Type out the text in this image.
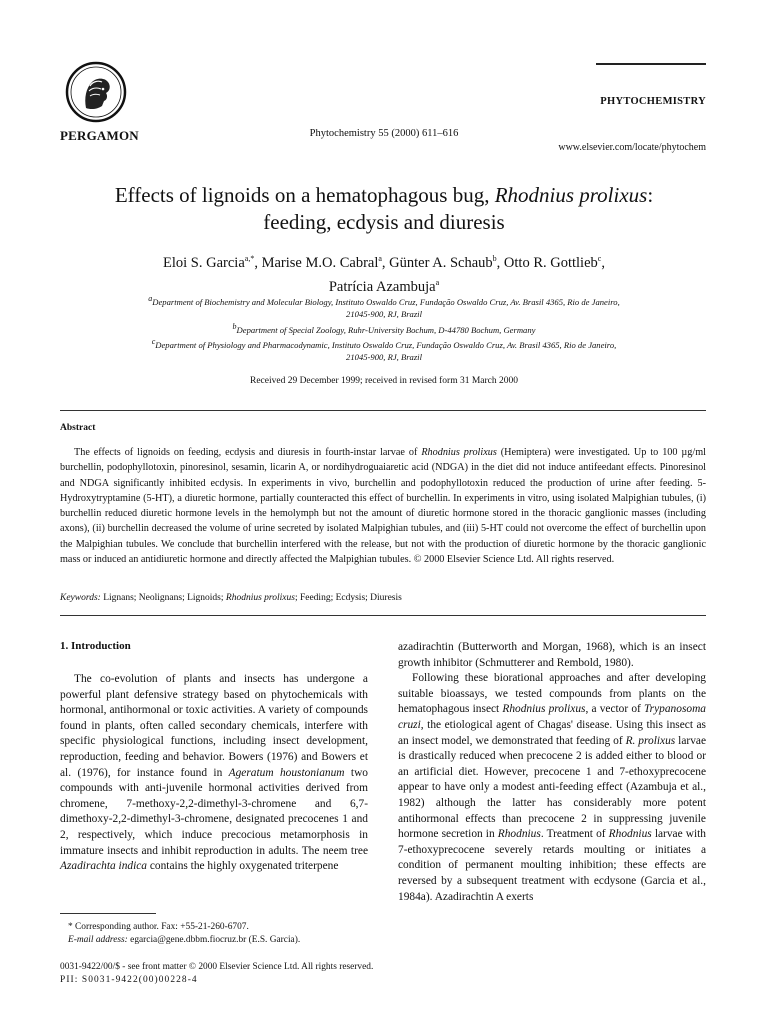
PERGAMON	Phytochemistry 55 (2000) 611–616
PHYTOCHEMISTRY
www.elsevier.com/locate/phytochem
Effects of lignoids on a hematophagous bug, Rhodnius prolixus:
feeding, ecdysis and diuresis
Eloi S. Garcia$^{a,*}$, Marise M.O. Cabral$^a$, Günter A. Schaub$^b$, Otto R. Gottlieb$^c$,
Patrícia Azambuja$^a$
$^a$Department of Biochemistry and Molecular Biology, Instituto Oswaldo Cruz, Fundação Oswaldo Cruz, Av. Brasil 4365, Rio de Janeiro,
21045-900, RJ, Brazil
$^b$Department of Special Zoology, Ruhr-University Bochum, D-44780 Bochum, Germany
$^c$Department of Physiology and Pharmacodynamic, Instituto Oswaldo Cruz, Fundação Oswaldo Cruz, Av. Brasil 4365, Rio de Janeiro,
21045-900, RJ, Brazil
Received 29 December 1999; received in revised form 31 March 2000
Abstract
The effects of lignoids on feeding, ecdysis and diuresis in fourth-instar larvae of Rhodnius prolixus (Hemiptera) were investigated. Up to 100 µg/ml burchellin, podophyllotoxin, pinoresinol, sesamin, licarin A, or nordihydroguaiaretic acid (NDGA) in the diet did not induce antifeedant effects. Pinoresinol and NDGA significantly inhibited ecdysis. In experiments in vivo, burchellin and podophyllotoxin reduced the production of urine after feeding. 5-Hydroxytryptamine (5-HT), a diuretic hormone, partially counteracted this effect of burchellin. In experiments in vitro, using isolated Malpighian tubules, (i) burchellin reduced diuretic hormone levels in the hemolymph but not the amount of diuretic hormone stored in the thoracic ganglionic masses (including axons), (ii) burchellin decreased the volume of urine secreted by isolated Malpighian tubules, and (iii) 5-HT could not overcome the effect of burchellin upon the Malpighian tubules. We conclude that burchellin interfered with the release, but not with the production of diuretic hormone by the thoracic ganglionic mass or induced an antidiuretic hormone and directly affected the Malpighian tubules. © 2000 Elsevier Science Ltd. All rights reserved.
Keywords: Lignans; Neolignans; Lignoids; Rhodnius prolixus; Feeding; Ecdysis; Diuresis
1. Introduction

The co-evolution of plants and insects has undergone a powerful plant defensive strategy based on phytochemicals with hormonal, antihormonal or toxic activities. A variety of compounds found in plants, often called secondary chemicals, interfere with specific physiological functions, including insect development, reproduction, feeding and behavior. Bowers (1976) and Bowers et al. (1976), for instance found in Ageratum houstonianum two compounds with anti-juvenile hormonal activities derived from chromene, 7-methoxy-2,2-dimethyl-3-chromene and 6,7-dimethoxy-2,2-dimethyl-3-chromene, designated precocenes 1 and 2, respectively, which induce precocious metamorphosis in immature insects and inhibit reproduction in adults. The neem tree Azadirachta indica contains the highly oxygenated triterpene

azadirachtin (Butterworth and Morgan, 1968), which is an insect growth inhibitor (Schmutterer and Rembold, 1980).

Following these biorational approaches and after developing suitable bioassays, we tested compounds from plants on the hematophagous insect Rhodnius prolixus, a vector of Trypanosoma cruzi, the etiological agent of Chagas' disease. Using this insect as an insect model, we demonstrated that feeding of R. prolixus larvae is drastically reduced when precocene 2 is added either to blood or an artificial diet. However, precocene 1 and 7-ethoxyprecocene appear to have only a modest anti-feeding effect (Azambuja et al., 1982) although the latter has considerably more potent antihormonal effects than precocene 2 in suppressing juvenile hormone secretion in Rhodnius. Treatment of Rhodnius larvae with 7-ethoxyprecocene severely retards moulting or initiates a condition of permanent moulting inhibition; these effects are reversed by a subsequent treatment with ecdysone (Garcia et al., 1984a). Azadirachtin A exerts

* Corresponding author. Fax: +55-21-260-6707.
E-mail address: egarcia@gene.dbbm.fiocruz.br (E.S. Garcia).
0031-9422/00/$ - see front matter © 2000 Elsevier Science Ltd. All rights reserved.
PII: S0031-9422(00)00228-4
